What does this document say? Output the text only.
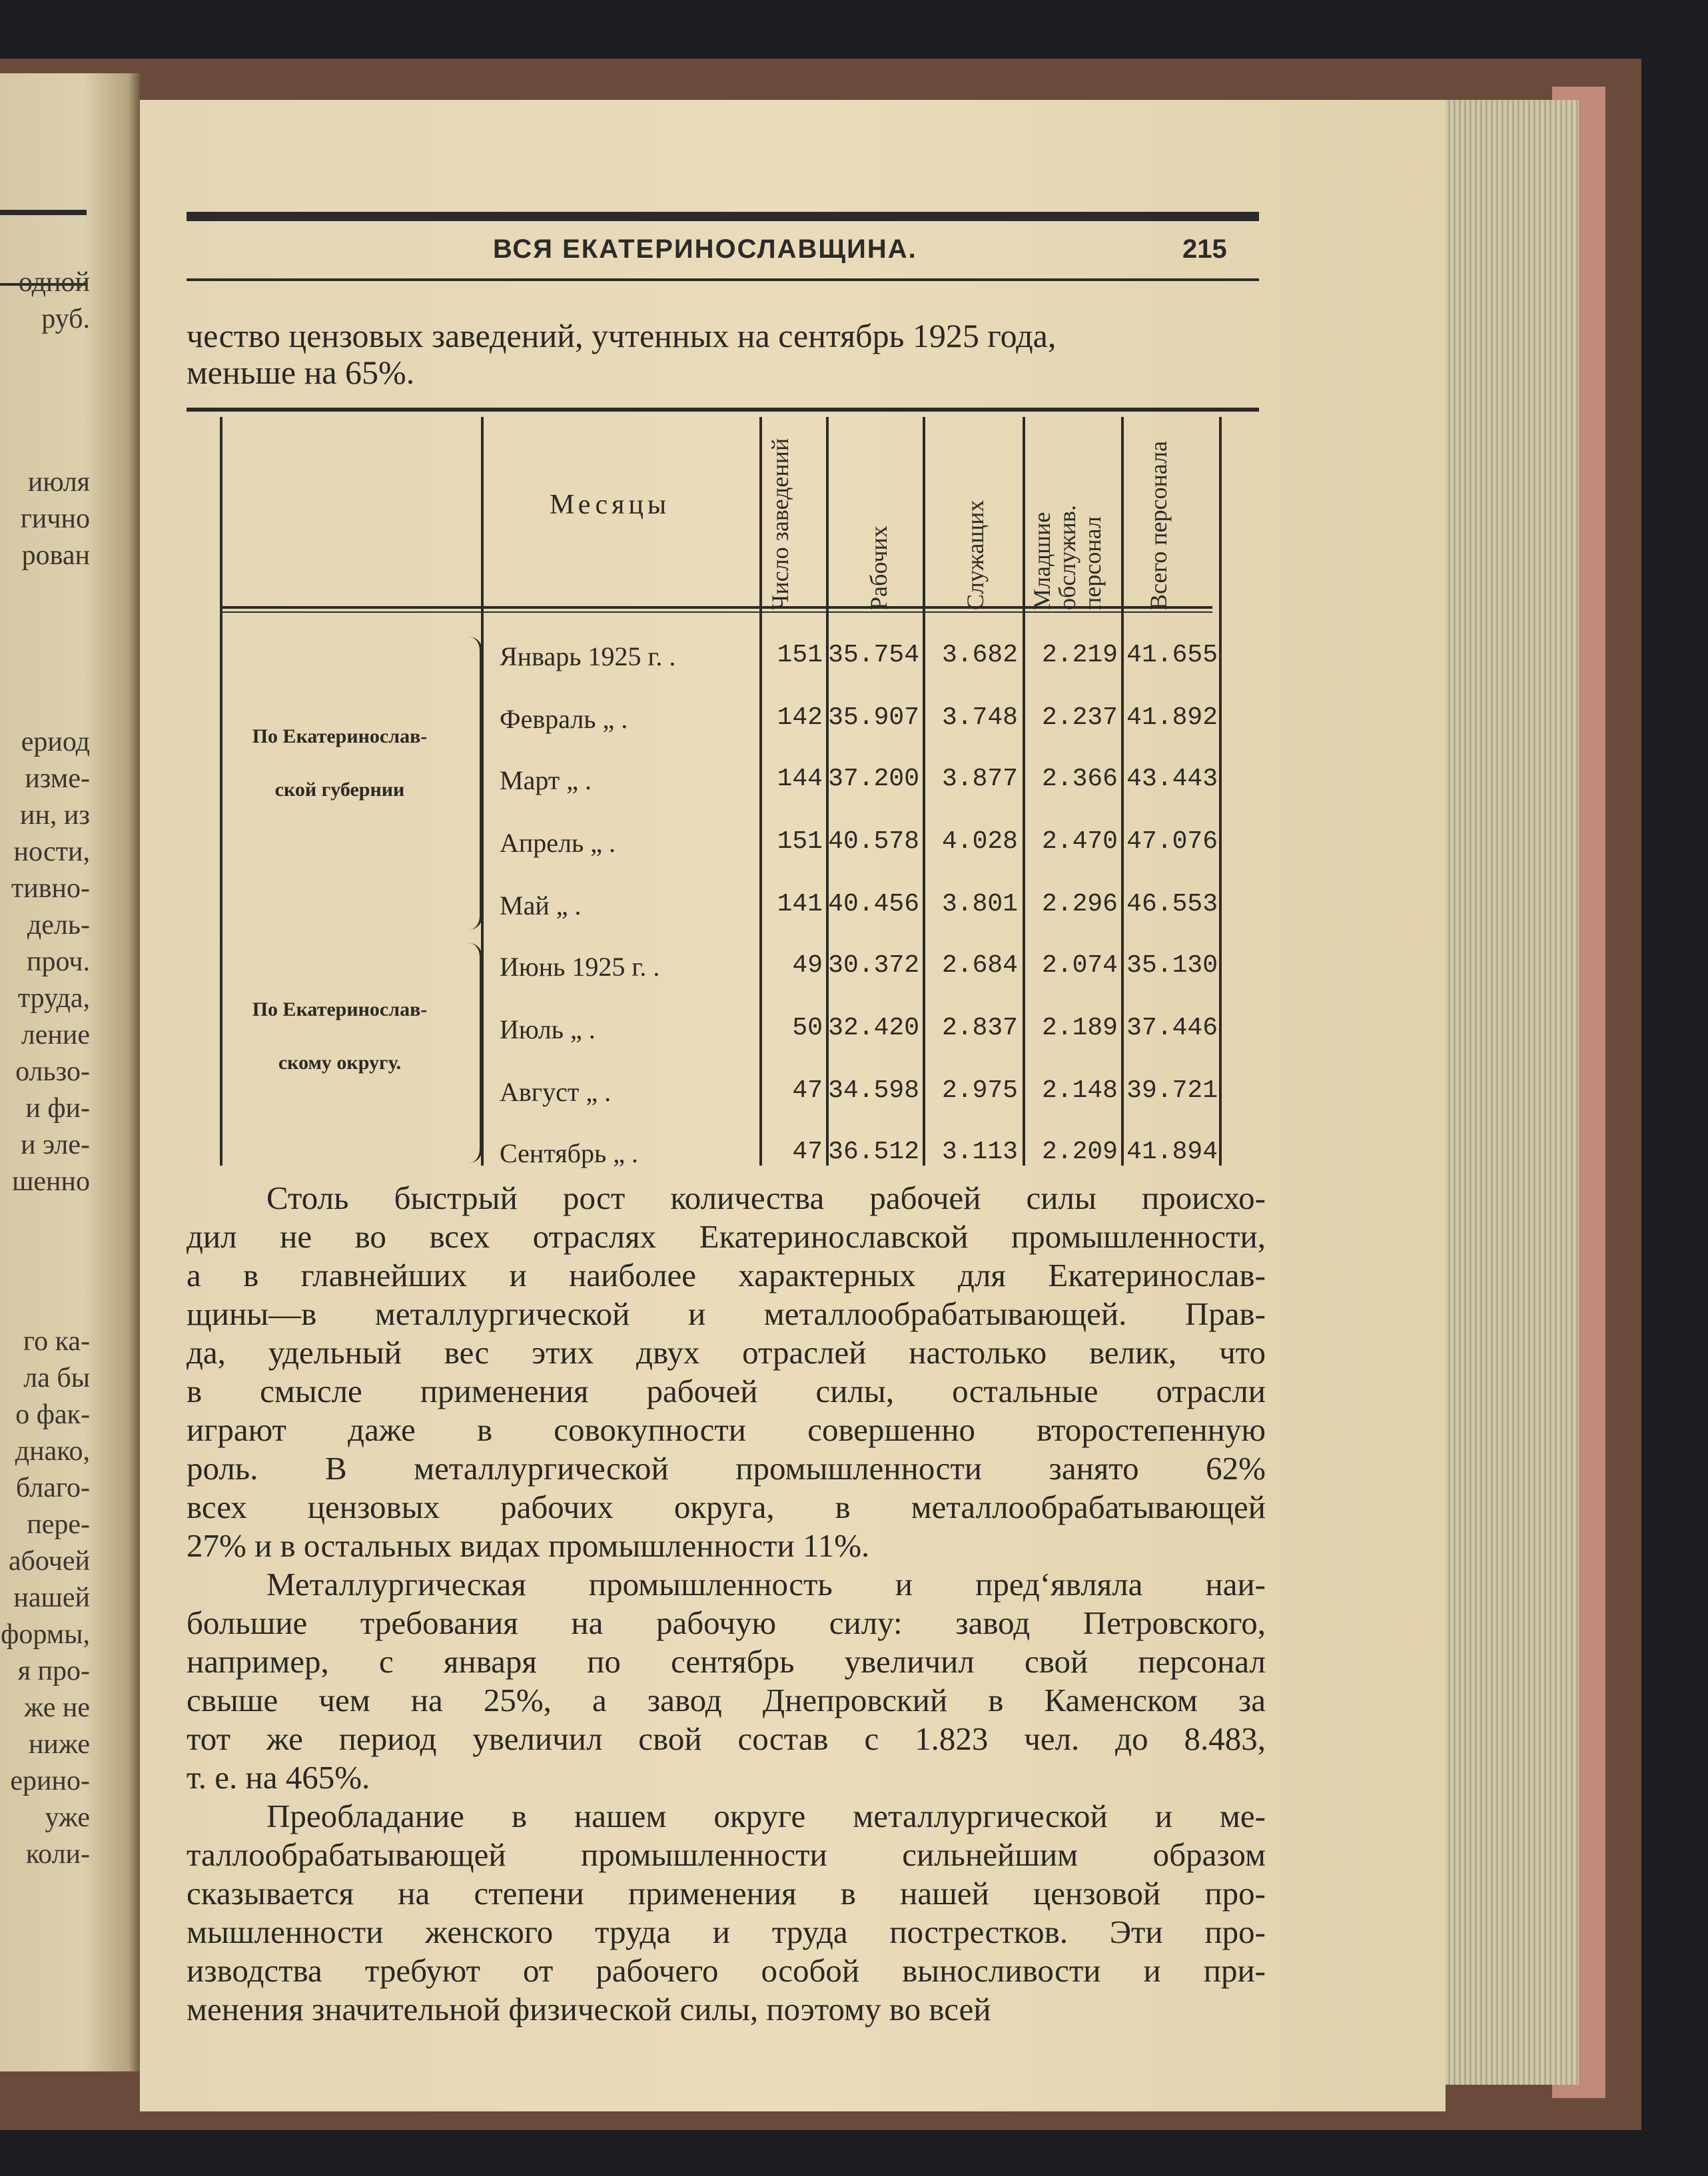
одной
руб.
июля
гично
рован
ериод
изме-
ин, из
ности,
тивно-
дель-
проч.
труда,
ление
ользо-
и фи-
и эле-
шенно
го ка-
ла бы
о фак-
днако,
благо-
пере-
абочей
нашей
формы,
я про-
же не
ниже
ерино-
уже
коли-
ВСЯ ЕКАТЕРИНОСЛАВЩИНА.	215
чество цензовых заведений, учтенных на сентябрь 1925 года,
меньше на 65%.
Месяцы	Число заведений	Рабочих	Служащих	Младшие обслужив. персонал	Всего персонала
По Екатеринослав-
ской губернии
По Екатеринослав-
скому округу.
Январь 1925 г. .	151 35.754 3.682 2.219 41.655
Февраль „ .	142 35.907 3.748 2.237 41.892
Март „ .	144 37.200 3.877 2.366 43.443
Апрель „ .	151 40.578 4.028 2.470 47.076
Май „ .	141 40.456 3.801 2.296 46.553
Июнь 1925 г. .	49 30.372 2.684 2.074 35.130
Июль „ .	50 32.420 2.837 2.189 37.446
Август „ .	47 34.598 2.975 2.148 39.721
Сентябрь „ .	47 36.512 3.113 2.209 41.894

Столь быстрый рост количества рабочей силы происхо-

дил не во всех отраслях Екатеринославской промышленности,

а в главнейших и наиболее характерных для Екатеринослав-

щины—в металлургической и металлообрабатывающей. Прав-

да, удельный вес этих двух отраслей настолько велик, что

в смысле применения рабочей силы, остальные отрасли

играют даже в совокупности совершенно второстепенную

роль. В металлургической промышленности занято 62%

всех цензовых рабочих округа, в металлообрабатывающей

27% и в остальных видах промышленности 11%.

Металлургическая промышленность и пред‘являла наи-

большие требования на рабочую силу: завод Петровского,

например, с января по сентябрь увеличил свой персонал

свыше чем на 25%, а завод Днепровский в Каменском за

тот же период увеличил свой состав с 1.823 чел. до 8.483,

т. е. на 465%.

Преобладание в нашем округе металлургической и ме-

таллообрабатывающей промышленности сильнейшим образом

сказывается на степени применения в нашей цензовой про-

мышленности женского труда и труда пострестков. Эти про-

изводства требуют от рабочего особой выносливости и при-

менения значительной физической силы, поэтому во всей
